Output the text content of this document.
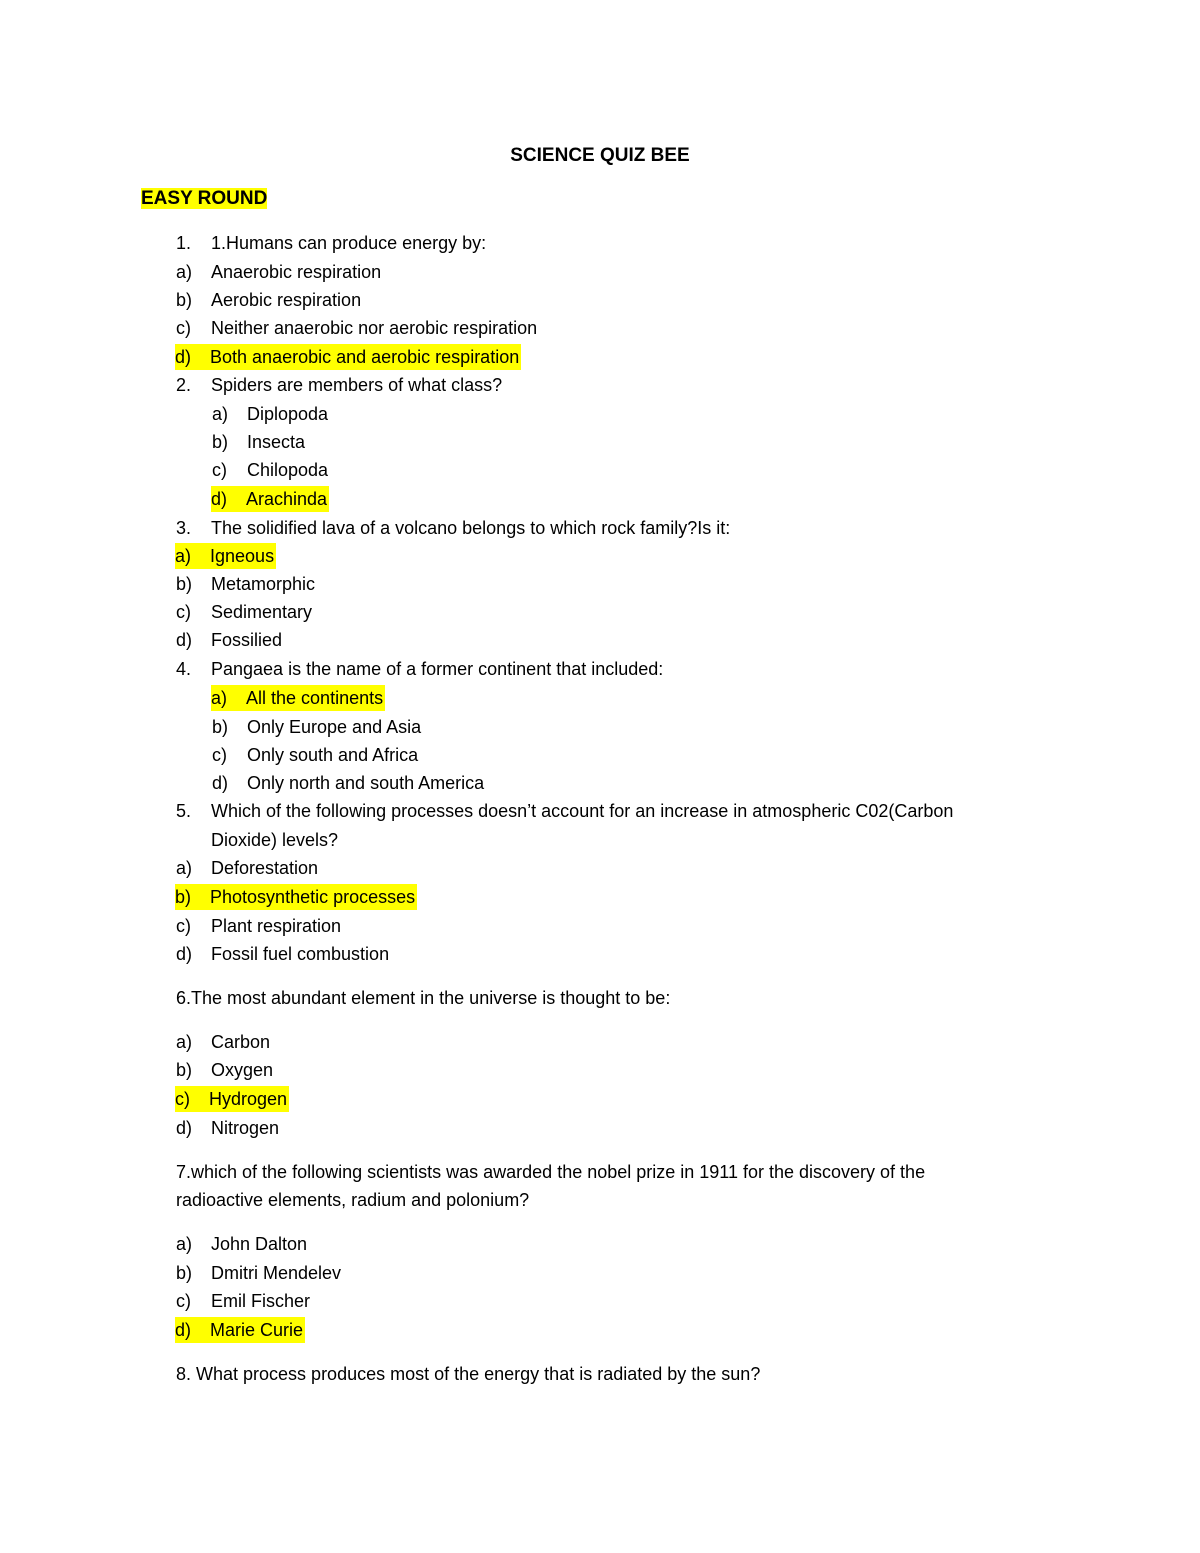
SCIENCE QUIZ BEE
EASY ROUND
1. 1.Humans can produce energy by:
a) Anaerobic respiration
b) Aerobic respiration
c) Neither anaerobic nor aerobic respiration
d) Both anaerobic and aerobic respiration
2. Spiders are members of what class?
a) Diplopoda
b) Insecta
c) Chilopoda
d) Arachinda
3. The solidified lava of a volcano belongs to which rock family?Is it:
a) Igneous
b) Metamorphic
c) Sedimentary
d) Fossilied
4. Pangaea is the name of a former continent that included:
a) All the continents
b) Only Europe and Asia
c) Only south and Africa
d) Only north and south America
5. Which of the following processes doesn’t account for an increase in atmospheric C02(Carbon
Dioxide) levels?
a) Deforestation
b) Photosynthetic processes
c) Plant respiration
d) Fossil fuel combustion
6.The most abundant element in the universe is thought to be:
a) Carbon
b) Oxygen
c) Hydrogen
d) Nitrogen
7.which of the following scientists was awarded the nobel prize in 1911 for the discovery of the
radioactive elements, radium and polonium?
a) John Dalton
b) Dmitri Mendelev
c) Emil Fischer
d) Marie Curie
8. What process produces most of the energy that is radiated by the sun?
